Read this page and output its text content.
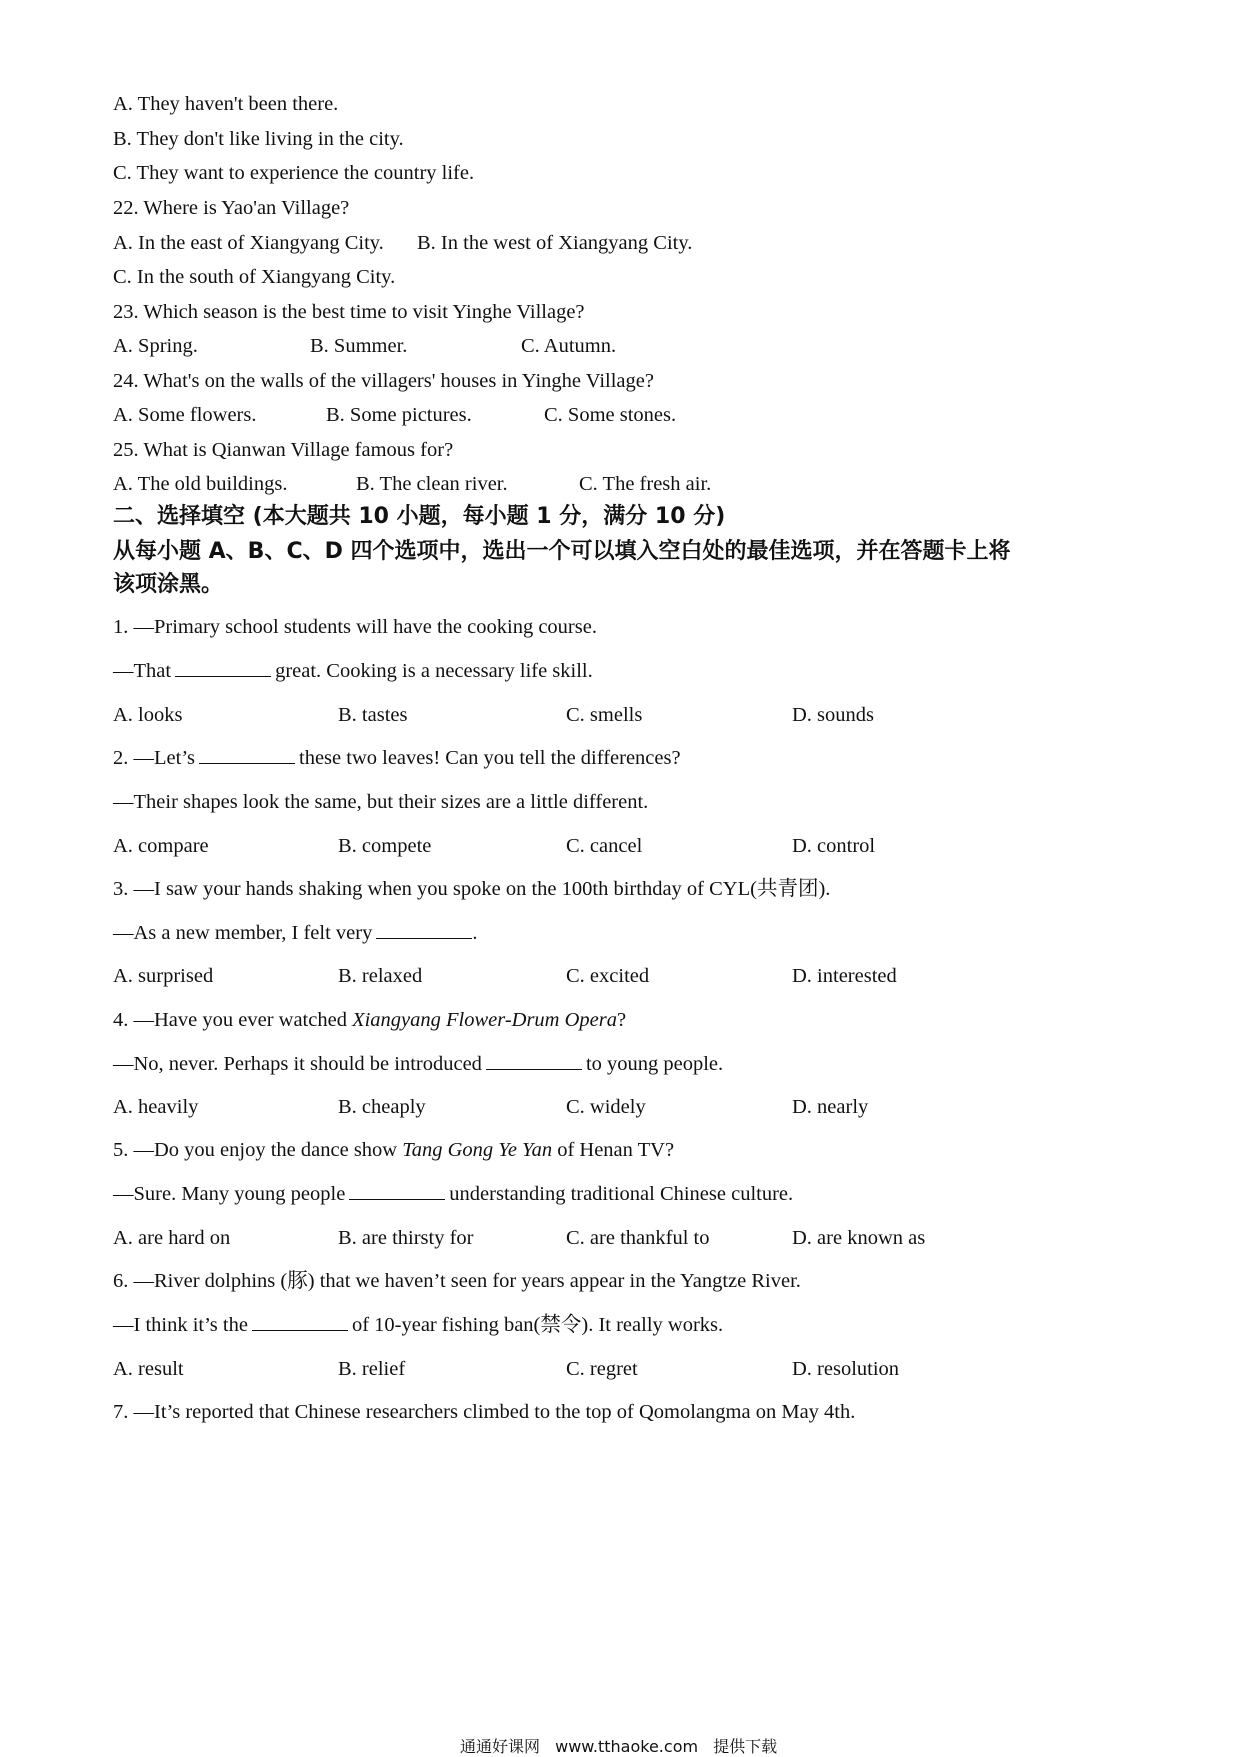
A. They haven't been there.
B. They don't like living in the city.
C. They want to experience the country life.
22. Where is Yao'an Village?
A. In the east of Xiangyang City. B. In the west of Xiangyang City.
C. In the south of Xiangyang City.
23. Which season is the best time to visit Yinghe Village?
A. Spring.	B. Summer.	C. Autumn.
24. What's on the walls of the villagers' houses in Yinghe Village?
A. Some flowers.	B. Some pictures.	C. Some stones.
25. What is Qianwan Village famous for?
A. The old buildings.	B. The clean river.	C. The fresh air.
二、选择填空 (本大题共 10 小题，每小题 1 分，满分 10 分)
从每小题 A、B、C、D 四个选项中，选出一个可以填入空白处的最佳选项，并在答题卡上将
该项涂黑。
1. —Primary school students will have the cooking course.
—That	great. Cooking is a necessary life skill.
A. looks	B. tastes	C. smells	D. sounds
2. —Let’s	these two leaves! Can you tell the differences?
—Their shapes look the same, but their sizes are a little different.
A. compare	B. compete	C. cancel	D. control
3. —I saw your hands shaking when you spoke on the 100th birthday of CYL(共青团).
—As a new member, I felt very	.
A. surprised	B. relaxed	C. excited	D. interested
4. —Have you ever watched Xiangyang Flower-Drum Opera?
—No, never. Perhaps it should be introduced	to young people.
A. heavily	B. cheaply	C. widely	D. nearly
5. —Do you enjoy the dance show Tang Gong Ye Yan of Henan TV?
—Sure. Many young people	understanding traditional Chinese culture.
A. are hard on	B. are thirsty for	C. are thankful to	D. are known as
6. —River dolphins (豚) that we haven’t seen for years appear in the Yangtze River.
—I think it’s the	of 10-year fishing ban(禁令). It really works.
A. result	B. relief	C. regret	D. resolution
7. —It’s reported that Chinese researchers climbed to the top of Qomolangma on May 4th.
通通好课网 www.tthaoke.com 提供下载
